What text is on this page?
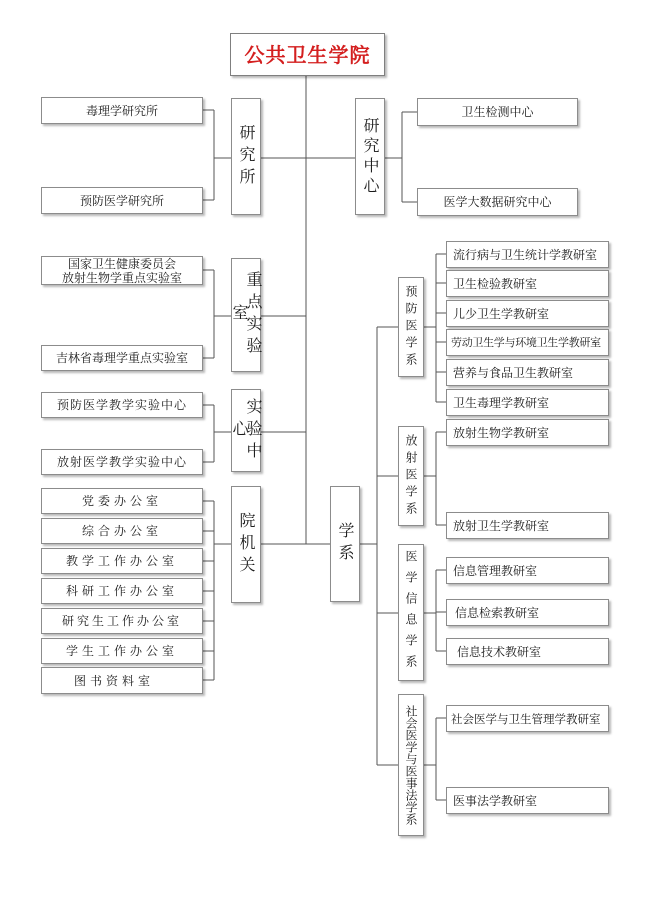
公共卫生学院
研究所
毒理学研究所
预防医学研究所
重点实验室
国家卫生健康委员会
放射生物学重点实验室
吉林省毒理学重点实验室
实验中心
预防医学教学实验中心
放射医学教学实验中心
院机关
党委办公室
综合办公室
教学工作办公室
科研工作办公室
研究生工作办公室
学生工作办公室
图书资料室
研究中心
卫生检测中心
医学大数据研究中心
学系
预防医学系
流行病与卫生统计学教研室
卫生检验教研室
儿少卫生学教研室
劳动卫生学与环境卫生学教研室
营养与食品卫生教研室
卫生毒理学教研室
放射医学系
放射生物学教研室
放射卫生学教研室
医学信息学系	信息管理教研室
信息检索教研室
信息技术教研室
社会医学与医事法学系	社会医学与卫生管理学教研室
医事法学教研室
